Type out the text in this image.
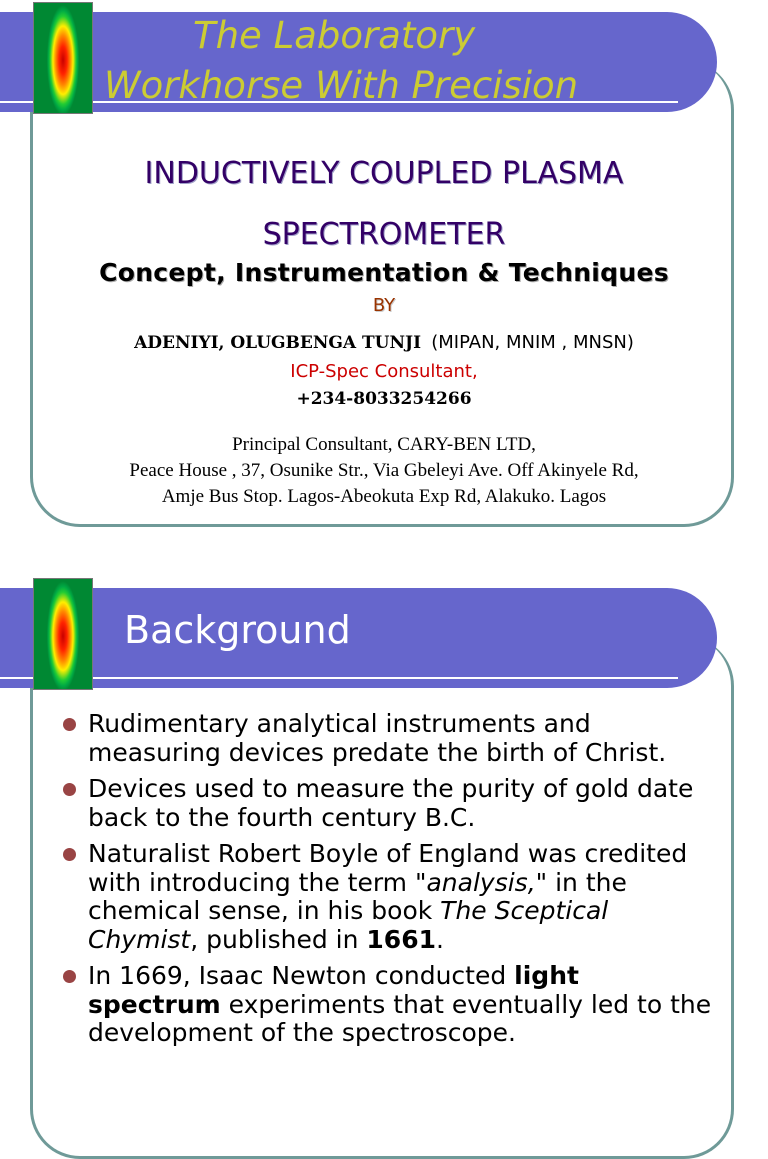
The Laboratory
Workhorse With Precision
INDUCTIVELY COUPLED PLASMA
SPECTROMETER
Concept, Instrumentation & Techniques
BY
ADENIYI, OLUGBENGA TUNJI (MIPAN, MNIM , MNSN)
ICP-Spec Consultant,
+234-8033254266
Principal Consultant, CARY-BEN LTD,
Peace House , 37, Osunike Str., Via Gbeleyi Ave. Off Akinyele Rd,
Amje Bus Stop. Lagos-Abeokuta Exp Rd, Alakuko. Lagos
Background
Rudimentary analytical instruments and measuring devices predate the birth of Christ.
Devices used to measure the purity of gold date back to the fourth century B.C.
Naturalist Robert Boyle of England was credited with introducing the term "analysis," in the chemical sense, in his book The Sceptical Chymist, published in 1661.
In 1669, Isaac Newton conducted light spectrum experiments that eventually led to the development of the spectroscope.
